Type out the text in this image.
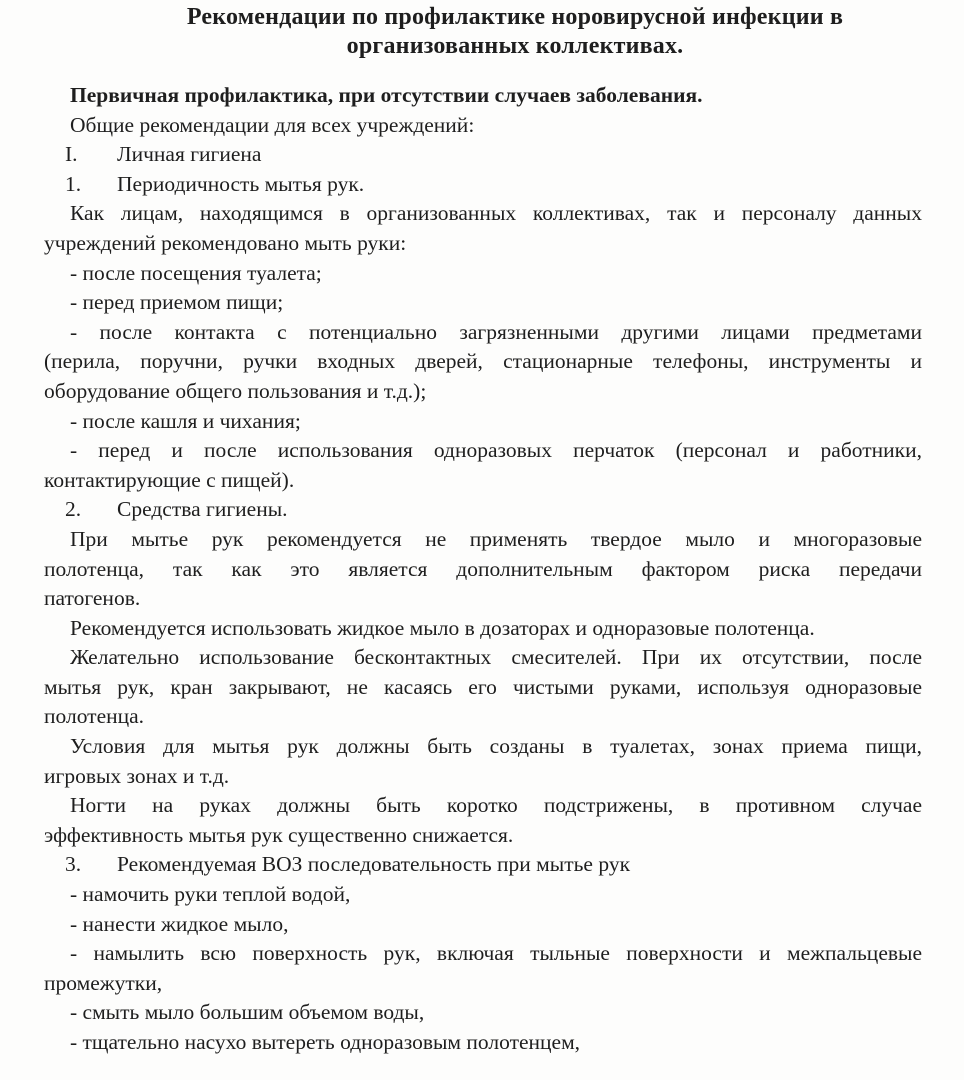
Рекомендации по профилактике норовирусной инфекции в
организованных коллективах.
Первичная профилактика, при отсутствии случаев заболевания.
Общие рекомендации для всех учреждений:
I. Личная гигиена
1. Периодичность мытья рук.
Как лицам, находящимся в организованных коллективах, так и персоналу данных
учреждений рекомендовано мыть руки:
- после посещения туалета;
- перед приемом пищи;
- после контакта с потенциально загрязненными другими лицами предметами
(перила, поручни, ручки входных дверей, стационарные телефоны, инструменты и
оборудование общего пользования и т.д.);
- после кашля и чихания;
- перед и после использования одноразовых перчаток (персонал и работники,
контактирующие с пищей).
2. Средства гигиены.
При мытье рук рекомендуется не применять твердое мыло и многоразовые
полотенца, так как это является дополнительным фактором риска передачи
патогенов.
Рекомендуется использовать жидкое мыло в дозаторах и одноразовые полотенца.
Желательно использование бесконтактных смесителей. При их отсутствии, после
мытья рук, кран закрывают, не касаясь его чистыми руками, используя одноразовые
полотенца.
Условия для мытья рук должны быть созданы в туалетах, зонах приема пищи,
игровых зонах и т.д.
Ногти на руках должны быть коротко подстрижены, в противном случае
эффективность мытья рук существенно снижается.
3. Рекомендуемая ВОЗ последовательность при мытье рук
- намочить руки теплой водой,
- нанести жидкое мыло,
- намылить всю поверхность рук, включая тыльные поверхности и межпальцевые
промежутки,
- смыть мыло большим объемом воды,
- тщательно насухо вытереть одноразовым полотенцем,
